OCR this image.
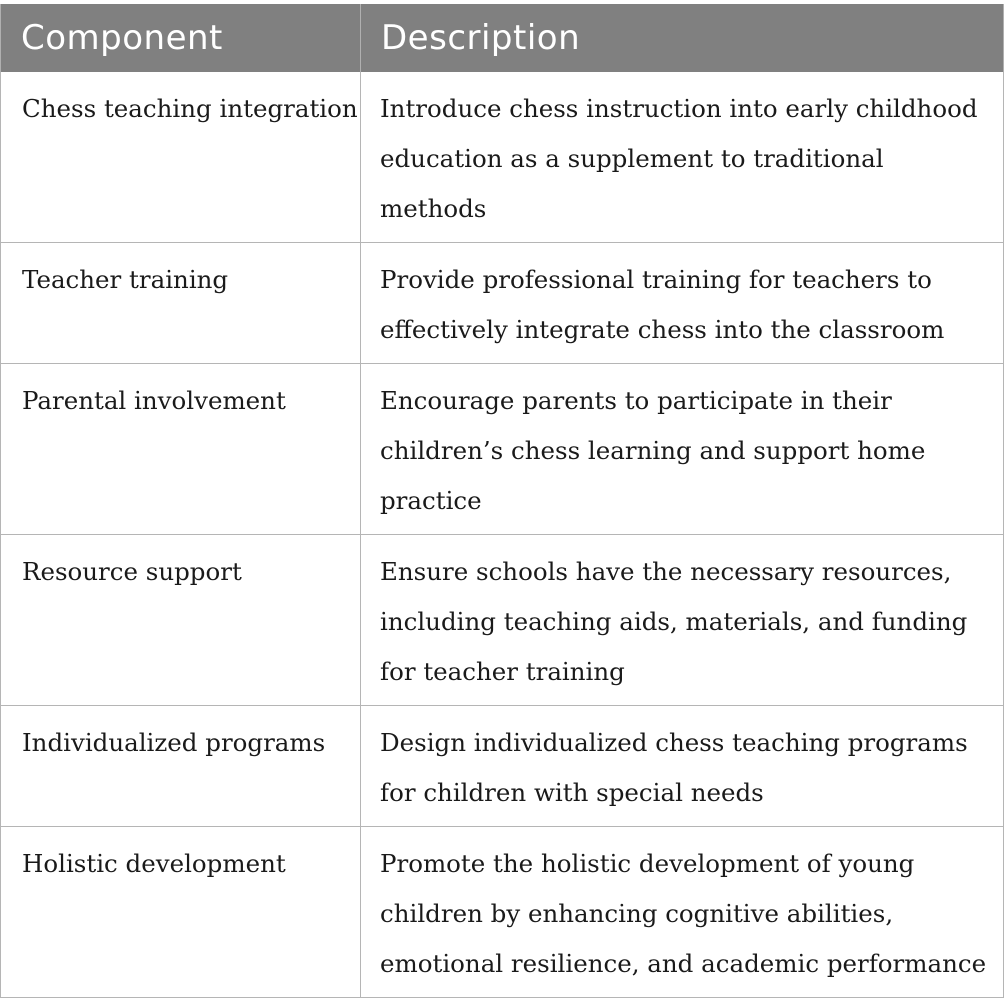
Component	Description
Chess teaching integration	Introduce chess instruction into early childhood education as a supplement to traditional methods
Teacher training	Provide professional training for teachers to effectively integrate chess into the classroom
Parental involvement	Encourage parents to participate in their children’s chess learning and support home practice
Resource support	Ensure schools have the necessary resources, including teaching aids, materials, and funding for teacher training
Individualized programs	Design individualized chess teaching programs for children with special needs
Holistic development	Promote the holistic development of young children by enhancing cognitive abilities, emotional resilience, and academic performance
